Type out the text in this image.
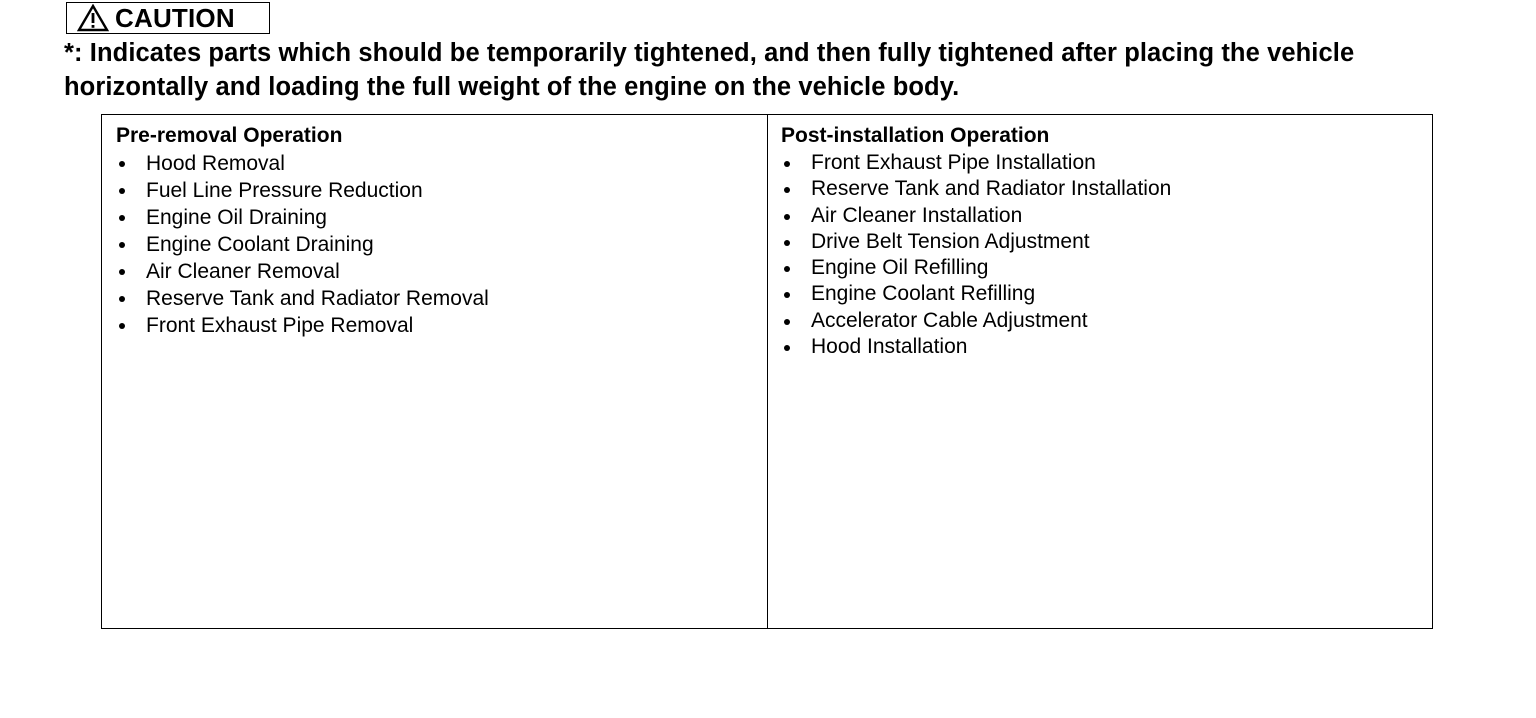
CAUTION
*: Indicates parts which should be temporarily tightened, and then fully tightened after placing the vehicle horizontally and loading the full weight of the engine on the vehicle body.
Pre-removal Operation
Hood Removal
Fuel Line Pressure Reduction
Engine Oil Draining
Engine Coolant Draining
Air Cleaner Removal
Reserve Tank and Radiator Removal
Front Exhaust Pipe Removal
Post-installation Operation
Front Exhaust Pipe Installation
Reserve Tank and Radiator Installation
Air Cleaner Installation
Drive Belt Tension Adjustment
Engine Oil Refilling
Engine Coolant Refilling
Accelerator Cable Adjustment
Hood Installation
